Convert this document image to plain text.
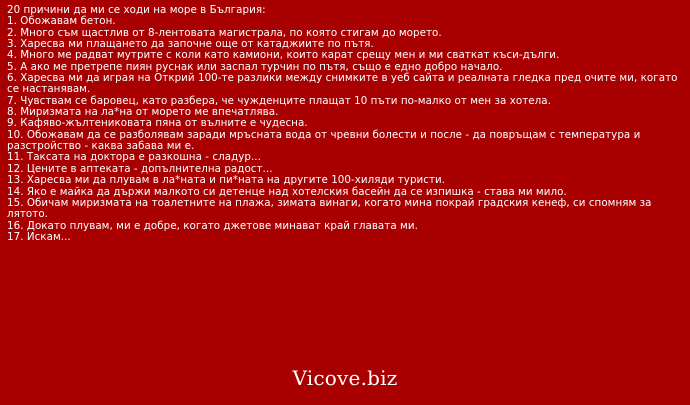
20 причини да ми се ходи на море в България:
1. Обожавам бетон.
2. Много съм щастлив от 8-лентовата магистрала, по която стигам до морето.
3. Харесва ми плащането да започне още от катаджиите по пътя.
4. Много ме радват мутрите с коли като камиони, които карат срещу мен и ми сваткат къси-дълги.
5. А ако ме претрепе пиян руснак или заспал турчин по пътя, също е едно добро начало.
6. Харесва ми да играя на Открий 100-те разлики между снимките в уеб сайта и реалната гледка пред очите ми, когато се настанявам.
7. Чувствам се баровец, като разбера, че чужденците плащат 10 пъти по-малко от мен за хотела.
8. Миризмата на ла*на от морето ме впечатлява.
9. Кафяво-жълтениковата пяна от вълните е чудесна.
10. Обожавам да се разболявам заради мръсната вода от чревни болести и после - да повръщам с температура и разстройство - каква забава ми е.
11. Таксата на доктора е разкошна - сладур...
12. Цените в аптеката - допълнителна радост...
13. Харесва ми да плувам в ла*ната и пи*ната на другите 100-хиляди туристи.
14. Яко е майка да държи малкото си детенце над хотелския басейн да се изпишка - става ми мило.
15. Обичам миризмата на тоалетните на плажа, зимата винаги, когато мина покрай градския кенеф, си спомням за лятото.
16. Докато плувам, ми е добре, когато джетове минават край главата ми.
17. Искам...
Vicove.biz
